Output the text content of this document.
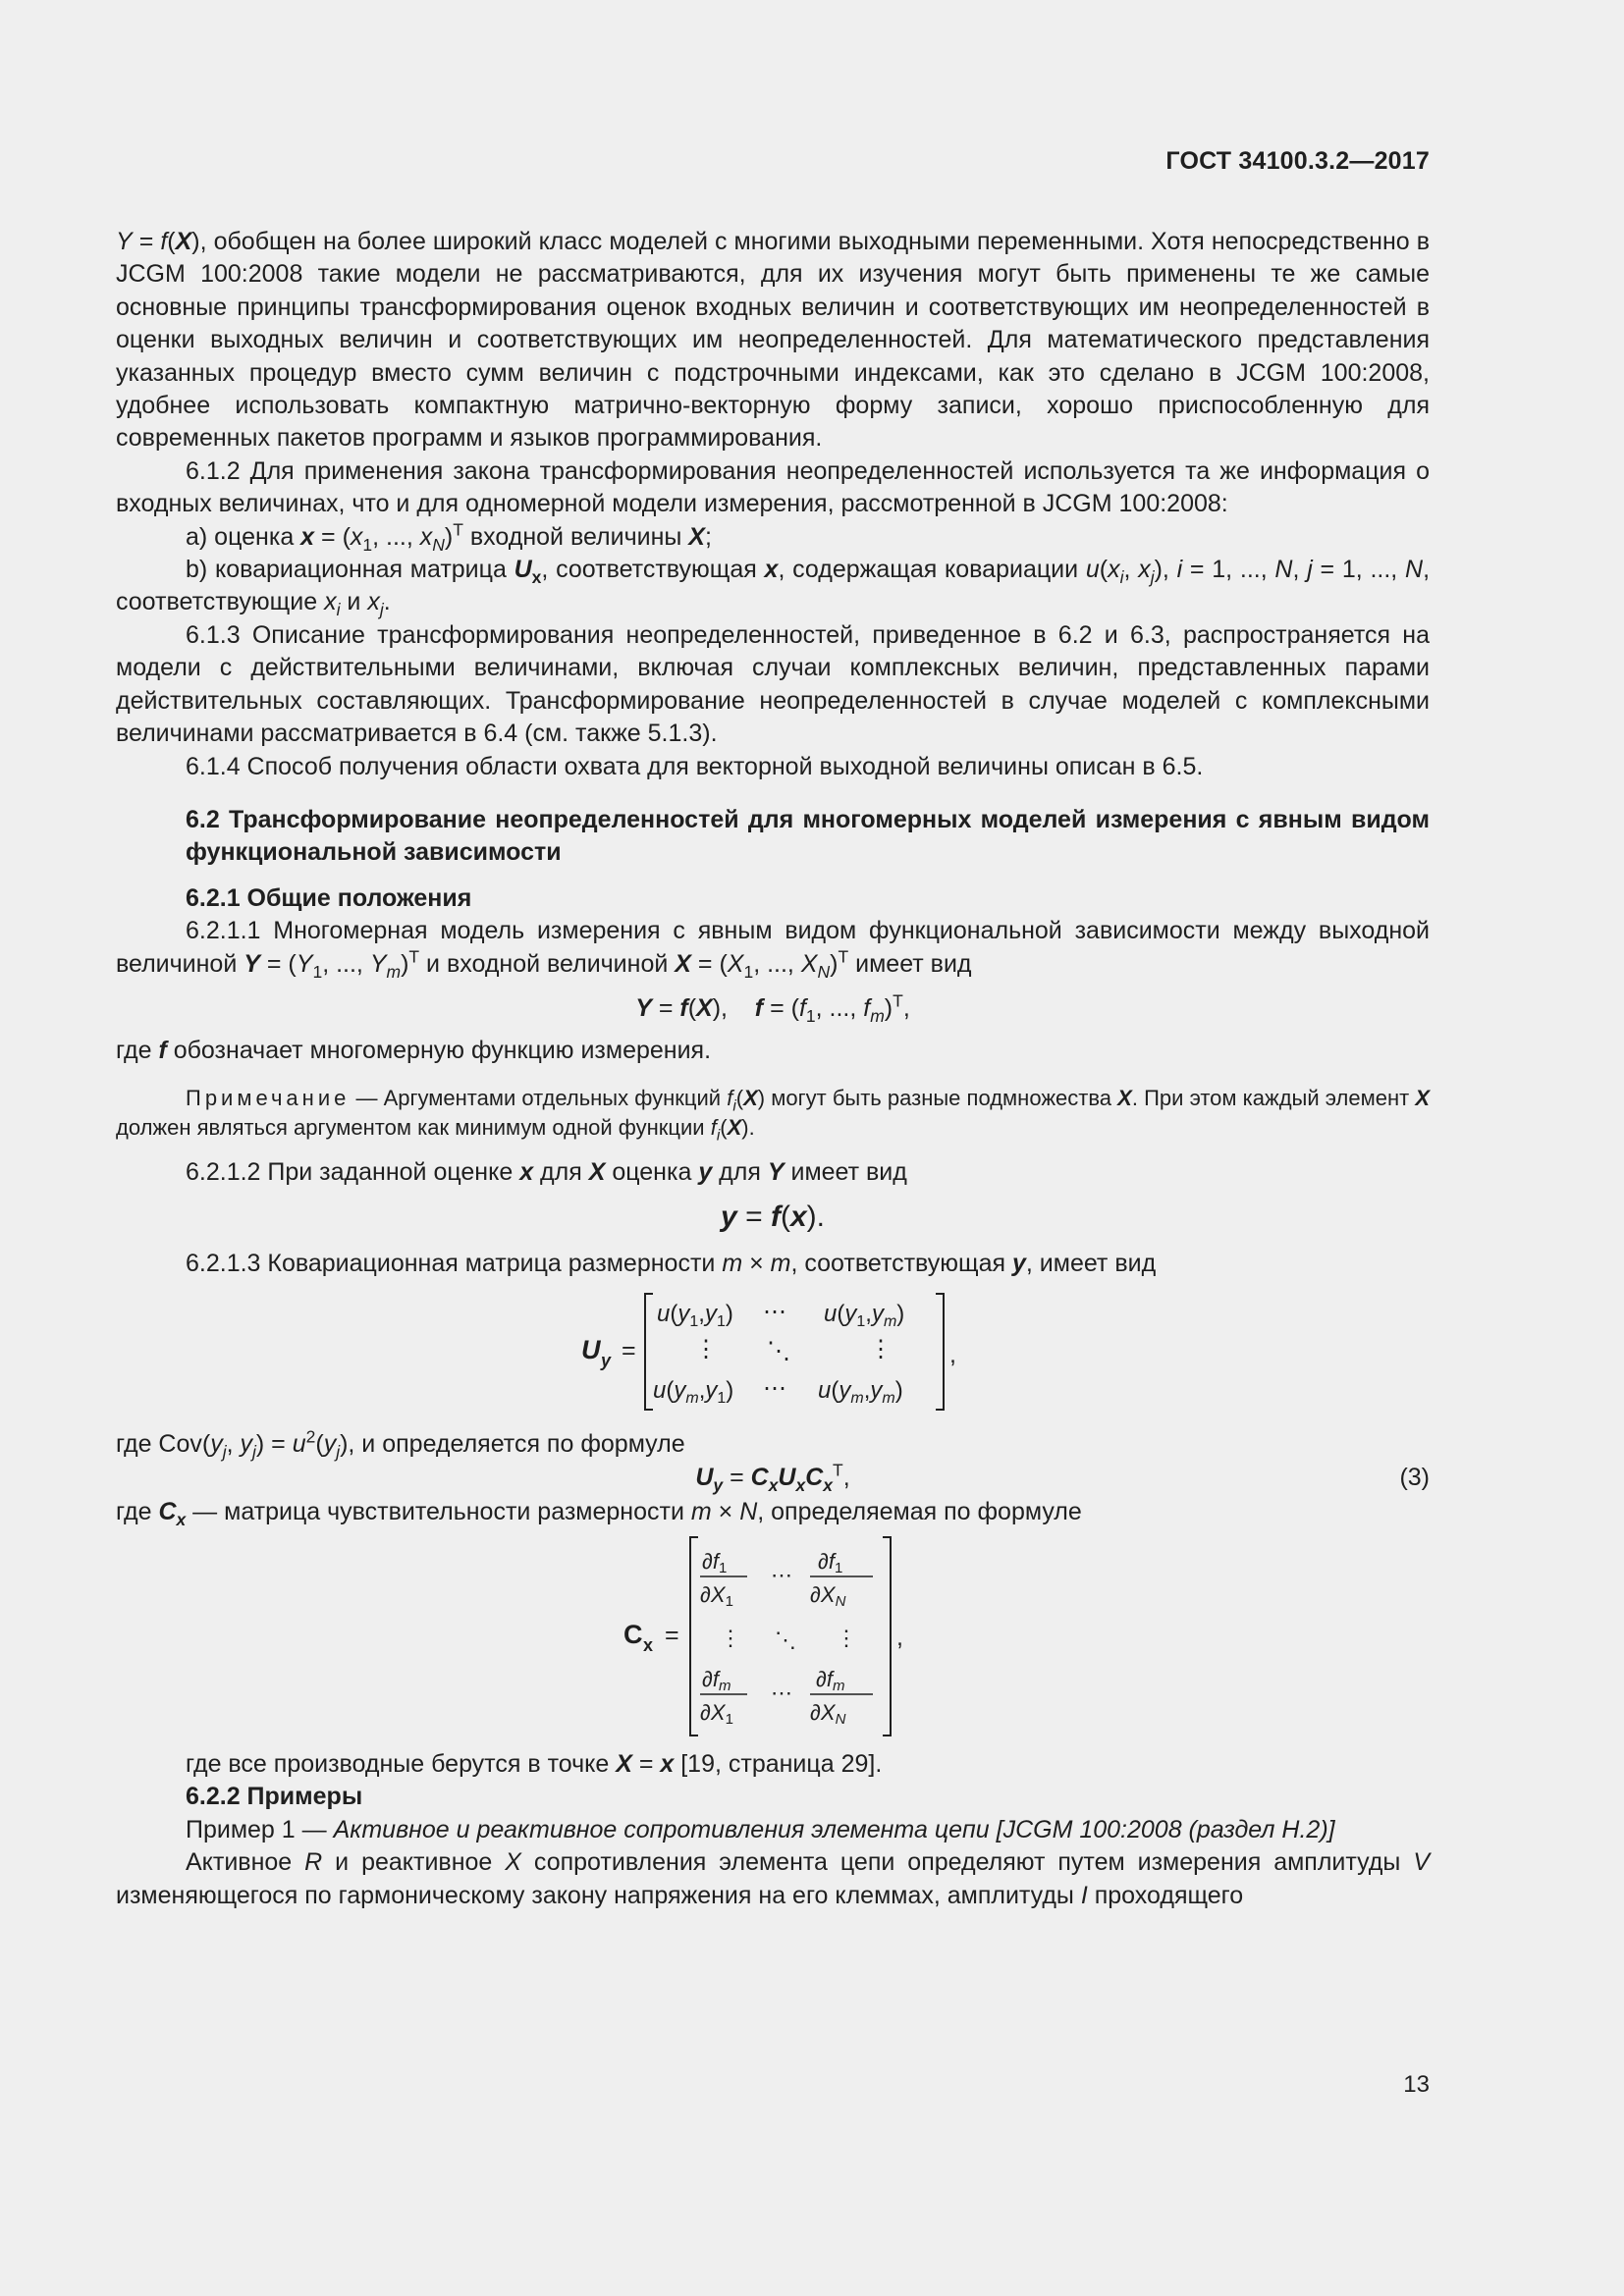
ГОСТ 34100.3.2—2017

Y = f(X), обобщен на более широкий класс моделей с многими выходными переменными. Хотя непосредственно в JCGM 100:2008 такие модели не рассматриваются, для их изучения могут быть применены те же самые основные принципы трансформирования оценок входных величин и соответствующих им неопределенностей в оценки выходных величин и соответствующих им неопределенностей. Для математического представления указанных процедур вместо сумм величин с подстрочными индексами, как это сделано в JCGM 100:2008, удобнее использовать компактную матрично-векторную форму записи, хорошо приспособленную для современных пакетов программ и языков программирования.

6.1.2 Для применения закона трансформирования неопределенностей используется та же информация о входных величинах, что и для одномерной модели измерения, рассмотренной в JCGM 100:2008:

a) оценка $x = (x_1$, ..., $x_N)^T$ входной величины X;

b) ковариационная матрица $U_x$, соответствующая x, содержащая ковариации $u(x_i$, $x_j$), i = 1, ..., N, j = 1, ..., N, соответствующие $x_i$ и $x_j$.

6.1.3 Описание трансформирования неопределенностей, приведенное в 6.2 и 6.3, распространяется на модели с действительными величинами, включая случаи комплексных величин, представленных парами действительных составляющих. Трансформирование неопределенностей в случае моделей с комплексными величинами рассматривается в 6.4 (см. также 5.1.3).

6.1.4 Способ получения области охвата для векторной выходной величины описан в 6.5.

6.2 Трансформирование неопределенностей для многомерных моделей измерения с явным видом функциональной зависимости

6.2.1 Общие положения

6.2.1.1 Многомерная модель измерения с явным видом функциональной зависимости между выходной величиной $Y = (Y_1$, ..., $Y_m)^T$ и входной величиной $X = (X_1$, ..., $X_N)^T$ имеет вид

Y = f(X),    $f = (f_1$, ..., $f_m)^T$,

где f обозначает многомерную функцию измерения.

Примечание — Аргументами отдельных функций $f_i(X)$ могут быть разные подмножества X. При этом каждый элемент X должен являться аргументом как минимум одной функции $f_i(X)$.

6.2.1.2 При заданной оценке x для X оценка y для Y имеет вид

y = f(x).

6.2.1.3 Ковариационная матрица размерности m × m, соответствующая y, имеет вид

U y =
$u(y_1,y_1)$ ⋯ $u(y_1,y_m)$
⋮ ⋱	⋮
$u(y_m,y_1)$ ⋯ $u(y_m,y_m)$
,

где $Cov(y_j$, $y_j) = u^2(y_j)$, и определяется по формуле

$U_y = C_xU_xC_x^T$,	(3)

где $C_x$ — матрица чувствительности размерности m × N, определяемая по формуле

C x =
∂f1
∂X1
⋯
∂f1
∂XN
⋮ ⋱ ⋮
∂fm
∂X1
⋯
∂fm
∂XN
,

где все производные берутся в точке X = x [19, страница 29].

6.2.2 Примеры

Пример 1 — Активное и реактивное сопротивления элемента цепи [JCGM 100:2008 (раздел H.2)]

Активное R и реактивное X сопротивления элемента цепи определяют путем измерения амплитуды V изменяющегося по гармоническому закону напряжения на его клеммах, амплитуды I проходящего

13
